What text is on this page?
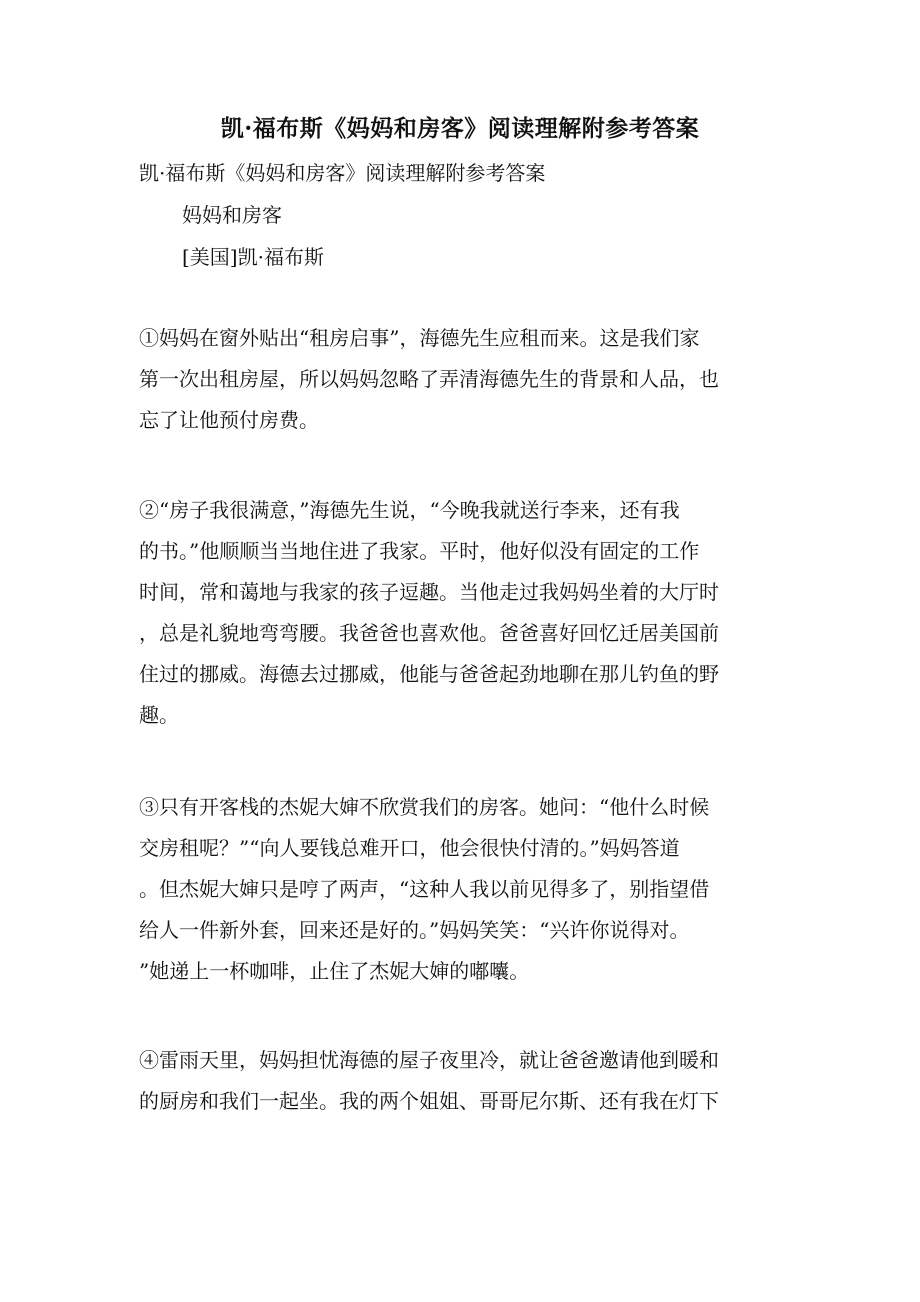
凯·福布斯《妈妈和房客》阅读理解附参考答案
凯·福布斯《妈妈和房客》阅读理解附参考答案
妈妈和房客
[美国]凯·福布斯
①妈妈在窗外贴出“租房启事”，海德先生应租而来。这是我们家
第一次出租房屋，所以妈妈忽略了弄清海德先生的背景和人品，也
忘了让他预付房费。
②“房子我很满意，”海德先生说，“今晚我就送行李来，还有我
的书。”他顺顺当当地住进了我家。平时，他好似没有固定的工作
时间，常和蔼地与我家的孩子逗趣。当他走过我妈妈坐着的大厅时
，总是礼貌地弯弯腰。我爸爸也喜欢他。爸爸喜好回忆迁居美国前
住过的挪威。海德去过挪威，他能与爸爸起劲地聊在那儿钓鱼的野
趣。
③只有开客栈的杰妮大婶不欣赏我们的房客。她问：“他什么时候
交房租呢？”“向人要钱总难开口，他会很快付清的。”妈妈答道
。但杰妮大婶只是哼了两声，“这种人我以前见得多了，别指望借
给人一件新外套，回来还是好的。”妈妈笑笑：“兴许你说得对。
”她递上一杯咖啡，止住了杰妮大婶的嘟囔。
④雷雨天里，妈妈担忧海德的屋子夜里冷，就让爸爸邀请他到暖和
的厨房和我们一起坐。我的两个姐姐、哥哥尼尔斯、还有我在灯下
